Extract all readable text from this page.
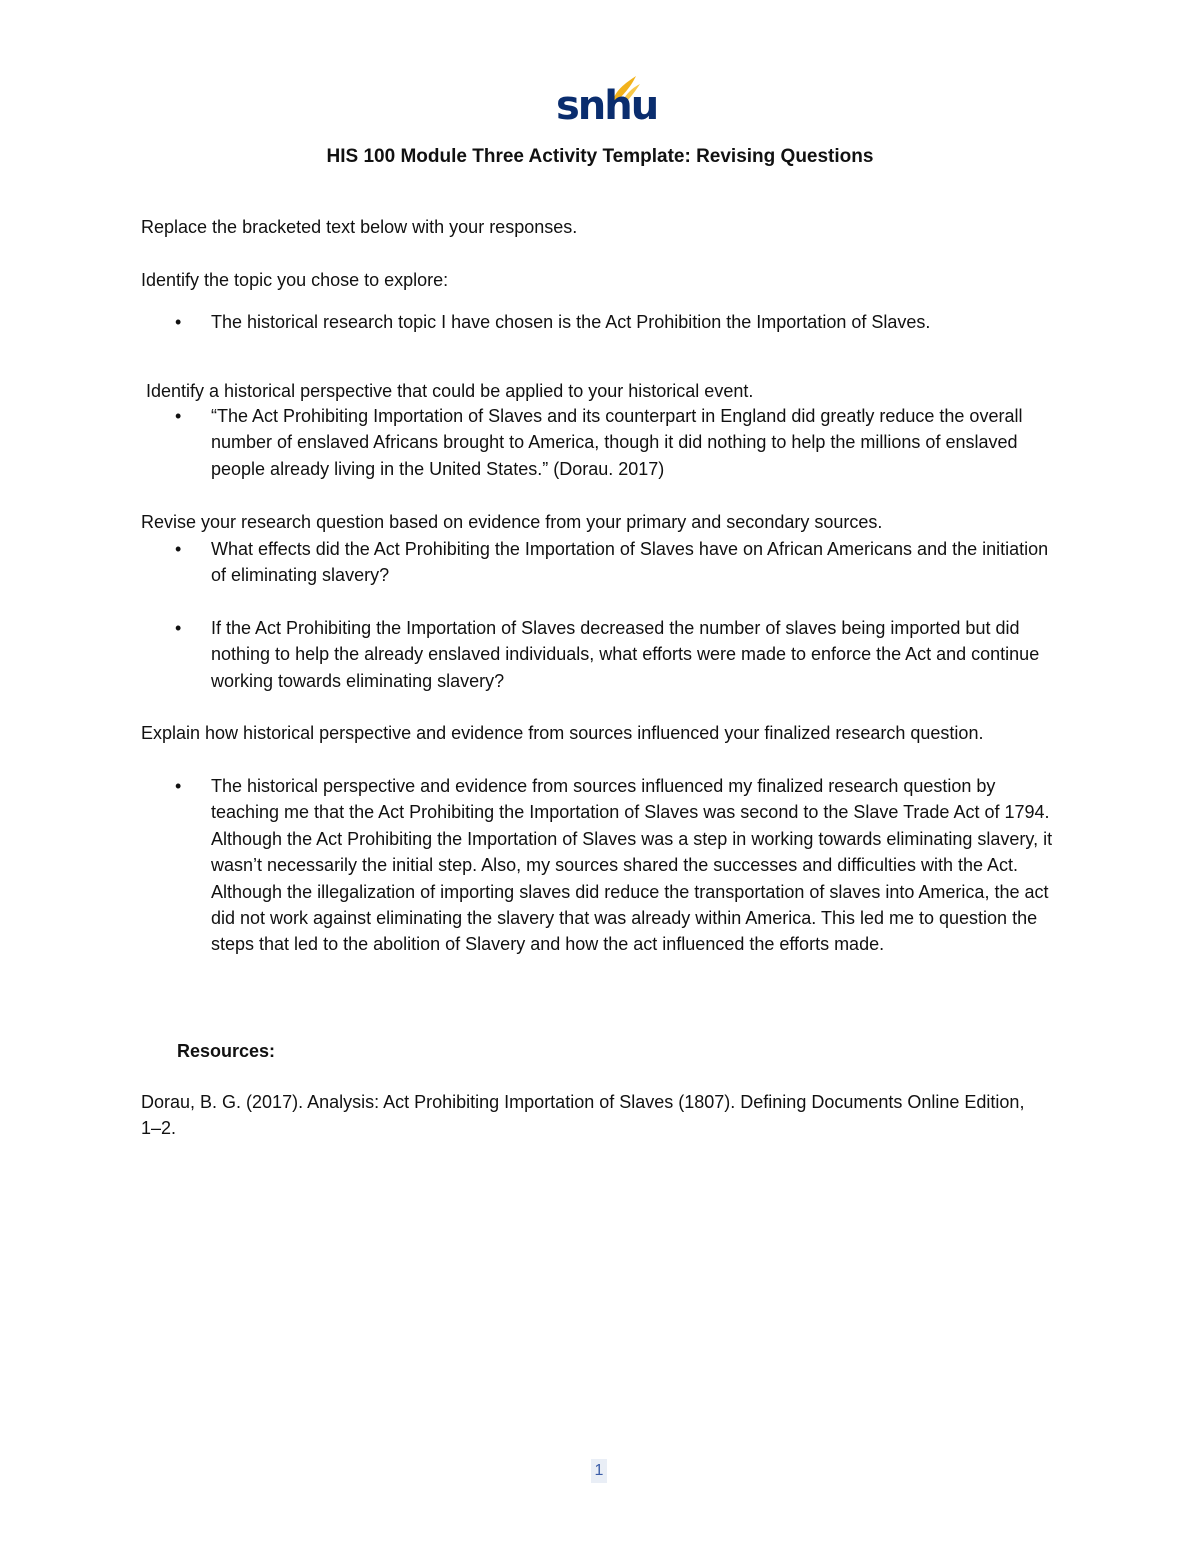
snhu
HIS 100 Module Three Activity Template: Revising Questions
Replace the bracketed text below with your responses.
Identify the topic you chose to explore:
•	The historical research topic I have chosen is the Act Prohibition the Importation of Slaves.
Identify a historical perspective that could be applied to your historical event.
•	“The Act Prohibiting Importation of Slaves and its counterpart in England did greatly reduce the overall number of enslaved Africans brought to America, though it did nothing to help the millions of enslaved people already living in the United States.” (Dorau. 2017)
Revise your research question based on evidence from your primary and secondary sources.
•	What effects did the Act Prohibiting the Importation of Slaves have on African Americans and the initiation of eliminating slavery?
•	If the Act Prohibiting the Importation of Slaves decreased the number of slaves being imported but did nothing to help the already enslaved individuals, what efforts were made to enforce the Act and continue working towards eliminating slavery?
Explain how historical perspective and evidence from sources influenced your finalized research question.
•	The historical perspective and evidence from sources influenced my finalized research question by teaching me that the Act Prohibiting the Importation of Slaves was second to the Slave Trade Act of 1794. Although the Act Prohibiting the Importation of Slaves was a step in working towards eliminating slavery, it wasn’t necessarily the initial step. Also, my sources shared the successes and difficulties with the Act. Although the illegalization of importing slaves did reduce the transportation of slaves into America, the act did not work against eliminating the slavery that was already within America. This led me to question the steps that led to the abolition of Slavery and how the act influenced the efforts made.
Resources:
Dorau, B. G. (2017). Analysis: Act Prohibiting Importation of Slaves (1807). Defining Documents Online Edition, 1–2.
1
